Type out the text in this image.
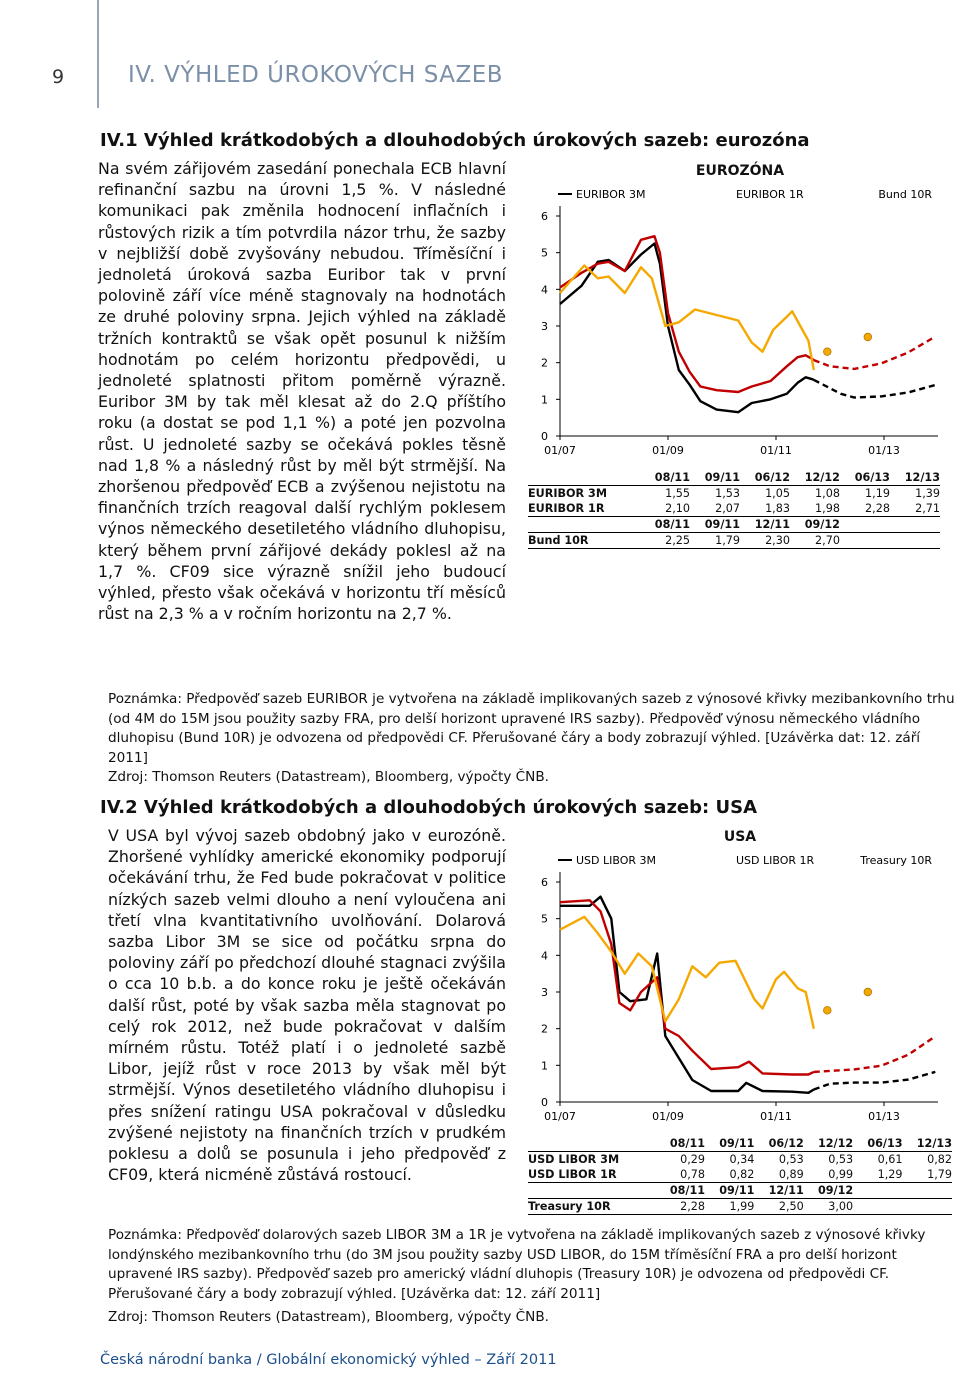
9	IV. VÝHLED ÚROKOVÝCH SAZEB
IV.1 Výhled krátkodobých a dlouhodobých úrokových sazeb: eurozóna
Na svém zářijovém zasedání ponechala ECB hlavní refinanční sazbu na úrovni 1,5 %. V následné komunikaci pak změnila hodnocení inflačních i růstových rizik a tím potvrdila názor trhu, že sazby v nejbližší době zvyšovány nebudou. Tříměsíční i jednoletá úroková sazba Euribor tak v první polovině září více méně stagnovaly na hodnotách ze druhé poloviny srpna. Jejich výhled na základě tržních kontraktů se však opět posunul k nižším hodnotám po celém horizontu předpovědi, u jednoleté splatnosti přitom poměrně výrazně. Euribor 3M by tak měl klesat až do 2.Q příštího roku (a dostat se pod 1,1 %) a poté jen pozvolna růst. U jednoleté sazby se očekává pokles těsně nad 1,8 % a následný růst by měl být strmější. Na zhoršenou předpověď ECB a zvýšenou nejistotu na finančních trzích reagoval další rychlým poklesem výnos německého desetiletého vládního dluhopisu, který během první zářijové dekády poklesl až na 1,7 %. CF09 sice výrazně snížil jeho budoucí výhled, přesto však očekává v horizontu tří měsíců růst na 2,3 % a v ročním horizontu na 2,7 %.
EUROZÓNA
0
1
2
3
4
5
6
01/07	01/09	01/11	01/13
EURIBOR 3M	EURIBOR 1R	Bund 10R
	08/11	09/11	06/12	12/12	06/13	12/13
EURIBOR 3M	1,55	1,53	1,05	1,08	1,19	1,39
EURIBOR 1R	2,10	2,07	1,83	1,98	2,28	2,71
	08/11	09/11	12/11	09/12		
Bund 10R	2,25	1,79	2,30	2,70		
Poznámka: Předpověď sazeb EURIBOR je vytvořena na základě implikovaných sazeb z výnosové křivky mezibankovního trhu (od 4M do 15M jsou použity sazby FRA, pro delší horizont upravené IRS sazby). Předpověď výnosu německého vládního dluhopisu (Bund 10R) je odvozena od předpovědi CF. Přerušované čáry a body zobrazují výhled. [Uzávěrka dat: 12. září 2011]
Zdroj: Thomson Reuters (Datastream), Bloomberg, výpočty ČNB.
IV.2 Výhled krátkodobých a dlouhodobých úrokových sazeb: USA
V USA byl vývoj sazeb obdobný jako v eurozóně. Zhoršené vyhlídky americké ekonomiky podporují očekávání trhu, že Fed bude pokračovat v politice nízkých sazeb velmi dlouho a není vyloučena ani třetí vlna kvantitativního uvolňování. Dolarová sazba Libor 3M se sice od počátku srpna do poloviny září po předchozí dlouhé stagnaci zvýšila o cca 10 b.b. a do konce roku je ještě očekáván další růst, poté by však sazba měla stagnovat po celý rok 2012, než bude pokračovat v dalším mírném růstu. Totéž platí i o jednoleté sazbě Libor, jejíž růst v roce 2013 by však měl být strmější. Výnos desetiletého vládního dluhopisu i přes snížení ratingu USA pokračoval v důsledku zvýšené nejistoty na finančních trzích v prudkém poklesu a dolů se posunula i jeho předpověď z CF09, která nicméně zůstává rostoucí.
USA
0
1
2
3
4
5
6
01/07	01/09	01/11	01/13
USD LIBOR 3M	USD LIBOR 1R	Treasury 10R
	08/11	09/11	06/12	12/12	06/13	12/13
USD LIBOR 3M	0,29	0,34	0,53	0,53	0,61	0,82
USD LIBOR 1R	0,78	0,82	0,89	0,99	1,29	1,79
	08/11	09/11	12/11	09/12		
Treasury 10R	2,28	1,99	2,50	3,00		
Poznámka: Předpověď dolarových sazeb LIBOR 3M a 1R je vytvořena na základě implikovaných sazeb z výnosové křivky londýnského mezibankovního trhu (do 3M jsou použity sazby USD LIBOR, do 15M tříměsíční FRA a pro delší horizont upravené IRS sazby). Předpověď sazeb pro americký vládní dluhopis (Treasury 10R) je odvozena od předpovědi CF. Přerušované čáry a body zobrazují výhled. [Uzávěrka dat: 12. září 2011]
Zdroj: Thomson Reuters (Datastream), Bloomberg, výpočty ČNB.
Česká národní banka / Globální ekonomický výhled – Září 2011
